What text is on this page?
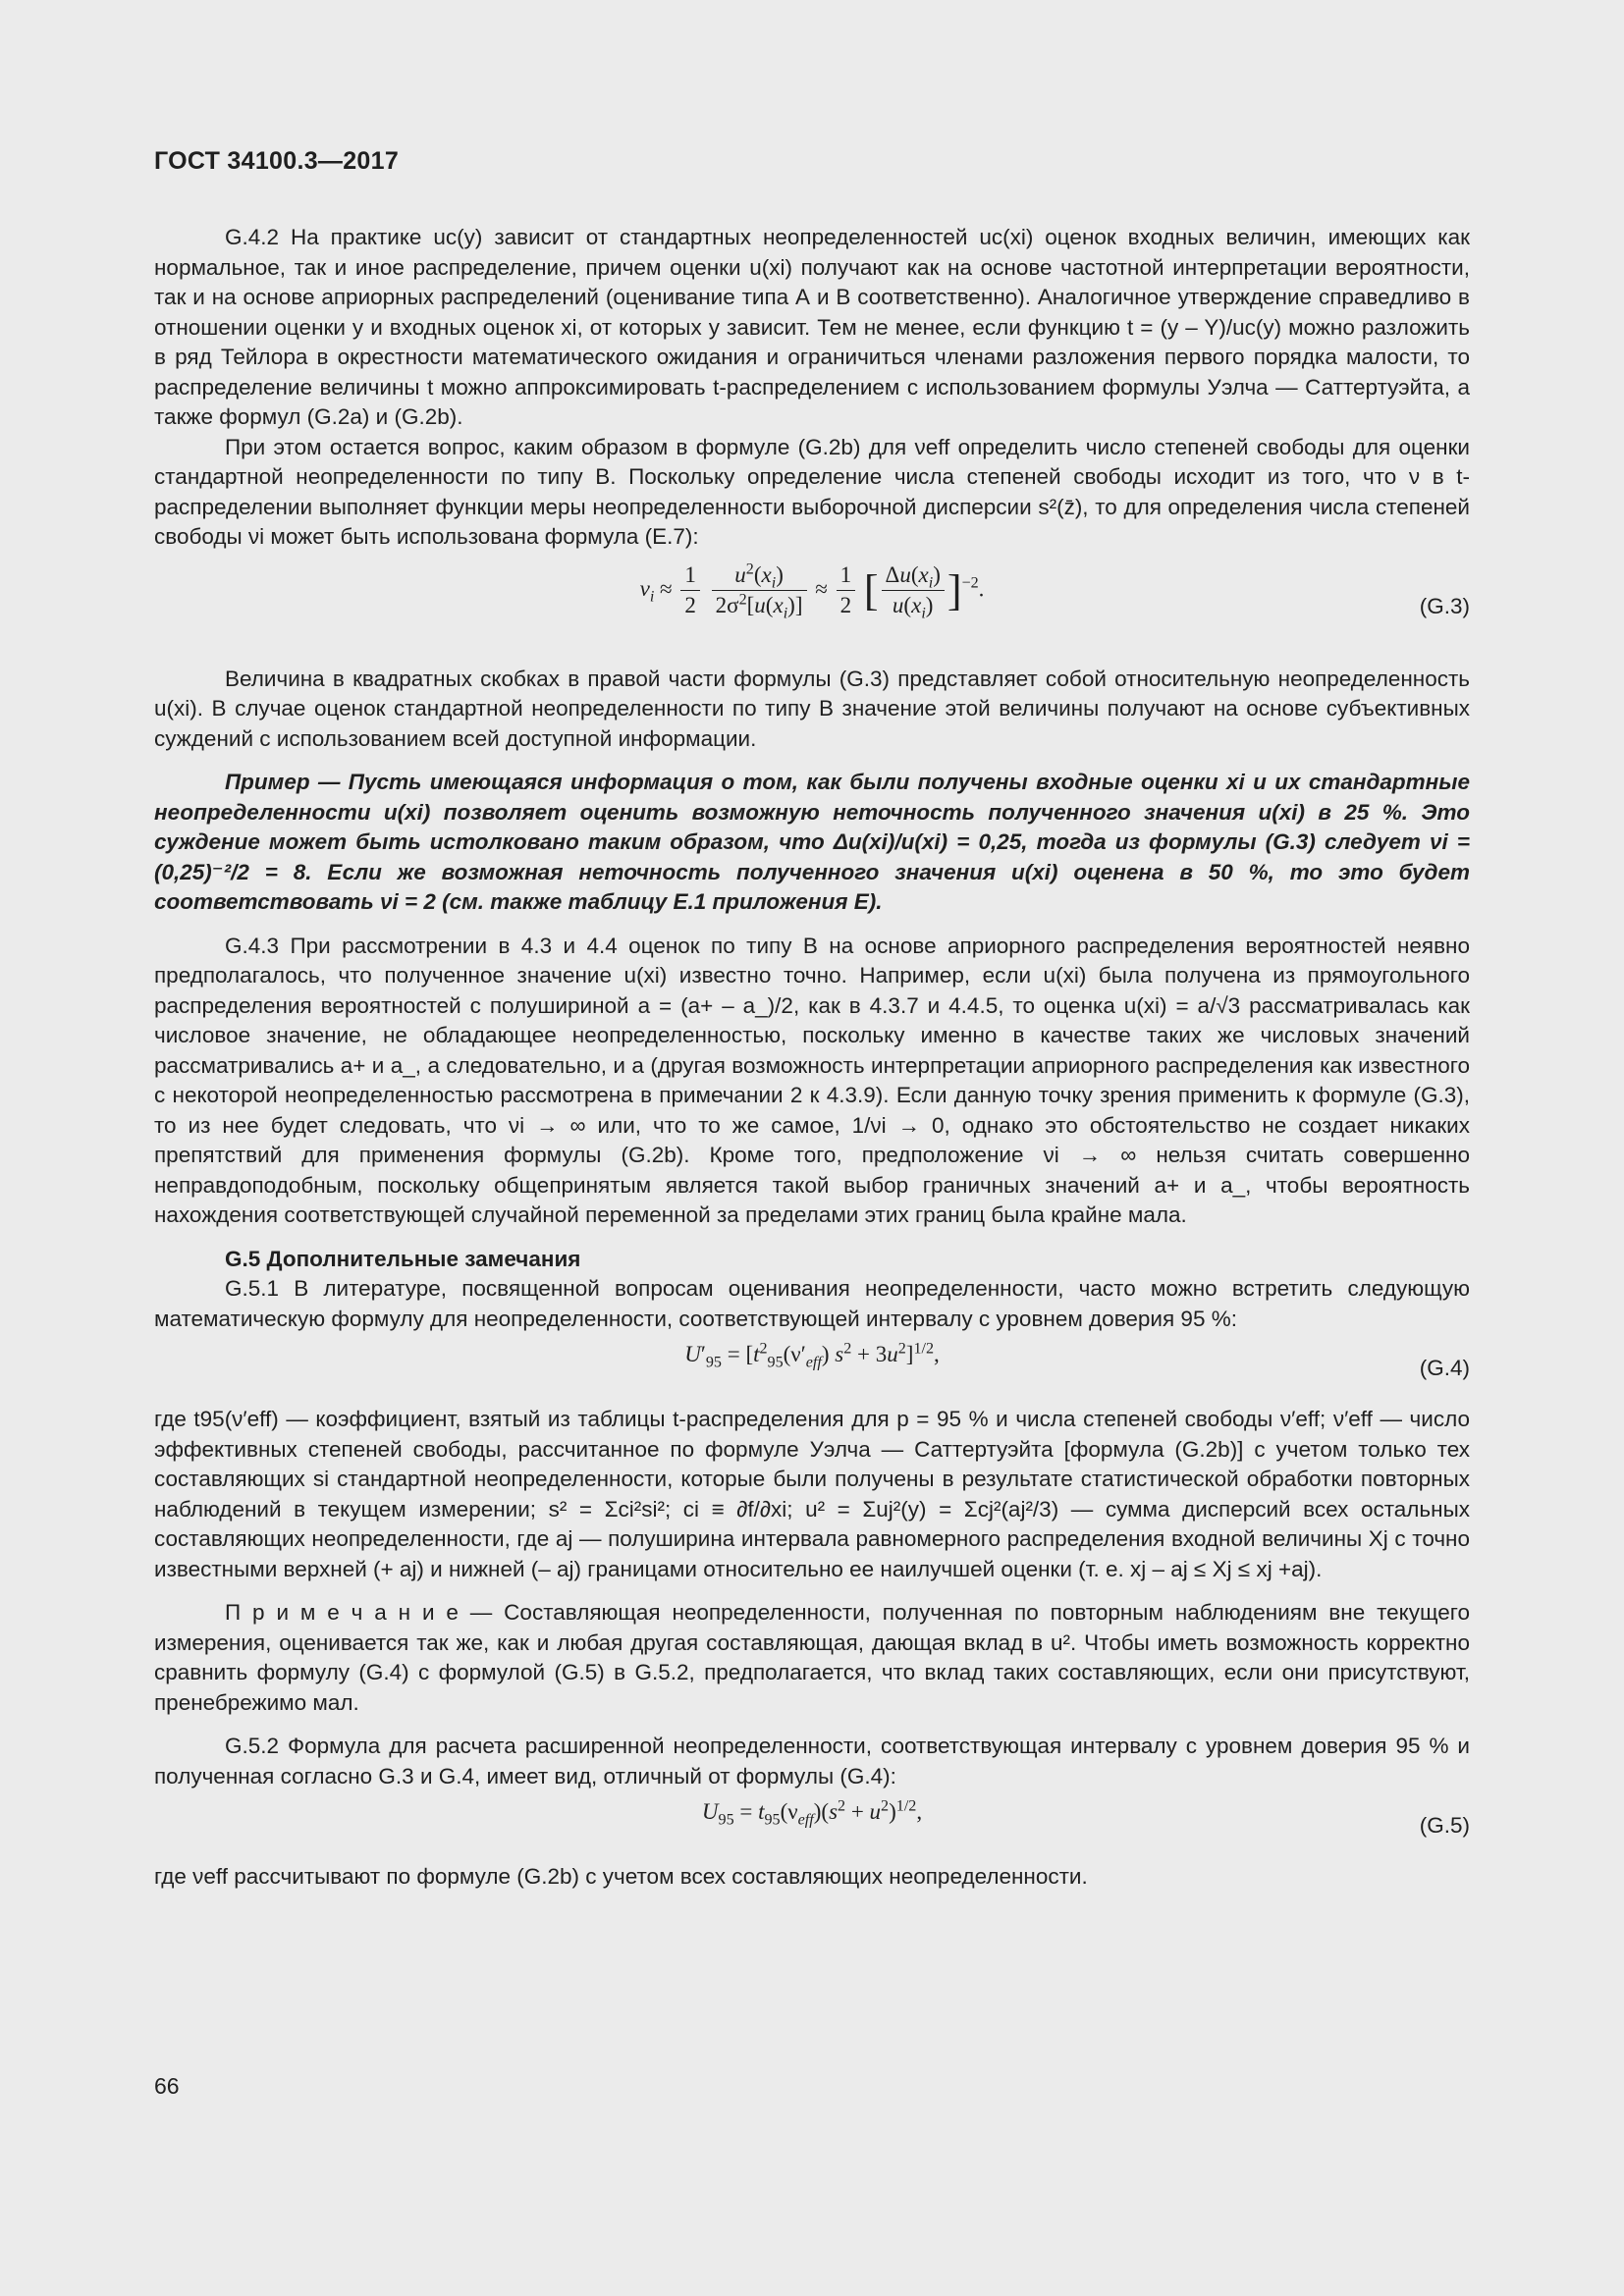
ГОСТ 34100.3—2017

G.4.2 На практике uc(y) зависит от стандартных неопределенностей uc(xi) оценок входных величин, имеющих как нормальное, так и иное распределение, причем оценки u(xi) получают как на основе частотной интерпретации вероятности, так и на основе априорных распределений (оценивание типа А и В соответственно). Аналогичное утверждение справедливо в отношении оценки y и входных оценок xi, от которых y зависит. Тем не менее, если функцию t = (y – Y)/uc(y) можно разложить в ряд Тейлора в окрестности математического ожидания и ограничиться членами разложения первого порядка малости, то распределение величины t можно аппроксимировать t-распределением с использованием формулы Уэлча — Саттертуэйта, а также формул (G.2a) и (G.2b).

При этом остается вопрос, каким образом в формуле (G.2b) для νeff определить число степеней свободы для оценки стандартной неопределенности по типу В. Поскольку определение числа степеней свободы исходит из того, что ν в t-распределении выполняет функции меры неопределенности выборочной дисперсии s²(z̄), то для определения числа степеней свободы νi может быть использована формула (Е.7):

$\nu_i \approx \frac{1}{2}$
$\frac{u^2(x_i)}{2\sigma^2[u(x_i)]} \approx \frac{1}{2}$ [ $\frac{\Delta u(x_i)}{u(x_i)} ]^{-2}$.
(G.3)

Величина в квадратных скобках в правой части формулы (G.3) представляет собой относительную неопределенность u(xi). В случае оценок стандартной неопределенности по типу В значение этой величины получают на основе субъективных суждений с использованием всей доступной информации.

Пример — Пусть имеющаяся информация о том, как были получены входные оценки xi и их стандартные неопределенности u(xi) позволяет оценить возможную неточность полученного значения u(xi) в 25 %. Это суждение может быть истолковано таким образом, что Δu(xi)/u(xi) = 0,25, тогда из формулы (G.3) следует νi = (0,25)⁻²/2 = 8. Если же возможная неточность полученного значения u(xi) оценена в 50 %, то это будет соответствовать νi = 2 (см. также таблицу Е.1 приложения Е).

G.4.3 При рассмотрении в 4.3 и 4.4 оценок по типу В на основе априорного распределения вероятностей неявно предполагалось, что полученное значение u(xi) известно точно. Например, если u(xi) была получена из прямоугольного распределения вероятностей с полушириной a = (a+ – a_)/2, как в 4.3.7 и 4.4.5, то оценка u(xi) = a/√3 рассматривалась как числовое значение, не обладающее неопределенностью, поскольку именно в качестве таких же числовых значений рассматривались a+ и a_, а следовательно, и a (другая возможность интерпретации априорного распределения как известного с некоторой неопределенностью рассмотрена в примечании 2 к 4.3.9). Если данную точку зрения применить к формуле (G.3), то из нее будет следовать, что νi → ∞ или, что то же самое, 1/νi → 0, однако это обстоятельство не создает никаких препятствий для применения формулы (G.2b). Кроме того, предположение νi → ∞ нельзя считать совершенно неправдоподобным, поскольку общепринятым является такой выбор граничных значений a+ и a_, чтобы вероятность нахождения соответствующей случайной переменной за пределами этих границ была крайне мала.

G.5 Дополнительные замечания

G.5.1 В литературе, посвященной вопросам оценивания неопределенности, часто можно встретить следующую математическую формулу для неопределенности, соответствующей интервалу с уровнем доверия 95 %:

$U'_{95} = [t^2_{95}(\nu'_{eff}) s^2 + 3u^2]^{1/2}$,
(G.4)

где t95(ν′eff) — коэффициент, взятый из таблицы t-распределения для p = 95 % и числа степеней свободы ν′eff; ν′eff — число эффективных степеней свободы, рассчитанное по формуле Уэлча — Саттертуэйта [формула (G.2b)] с учетом только тех составляющих si стандартной неопределенности, которые были получены в результате статистической обработки повторных наблюдений в текущем измерении; s² = Σci²si²; ci ≡ ∂f/∂xi; u² = Σuj²(y) = Σcj²(aj²/3) — сумма дисперсий всех остальных составляющих неопределенности, где aj — полуширина интервала равномерного распределения входной величины Xj с точно известными верхней (+ aj) и нижней (– aj) границами относительно ее наилучшей оценки (т. е. xj – aj ≤ Xj ≤ xj +aj).

П р и м е ч а н и е — Составляющая неопределенности, полученная по повторным наблюдениям вне текущего измерения, оценивается так же, как и любая другая составляющая, дающая вклад в u². Чтобы иметь возможность корректно сравнить формулу (G.4) с формулой (G.5) в G.5.2, предполагается, что вклад таких составляющих, если они присутствуют, пренебрежимо мал.

G.5.2 Формула для расчета расширенной неопределенности, соответствующая интервалу с уровнем доверия 95 % и полученная согласно G.3 и G.4, имеет вид, отличный от формулы (G.4):

$U_{95} = t_{95}(\nu_{eff})(s^2 + u^2)^{1/2}$,
(G.5)

где νeff рассчитывают по формуле (G.2b) с учетом всех составляющих неопределенности.

66
